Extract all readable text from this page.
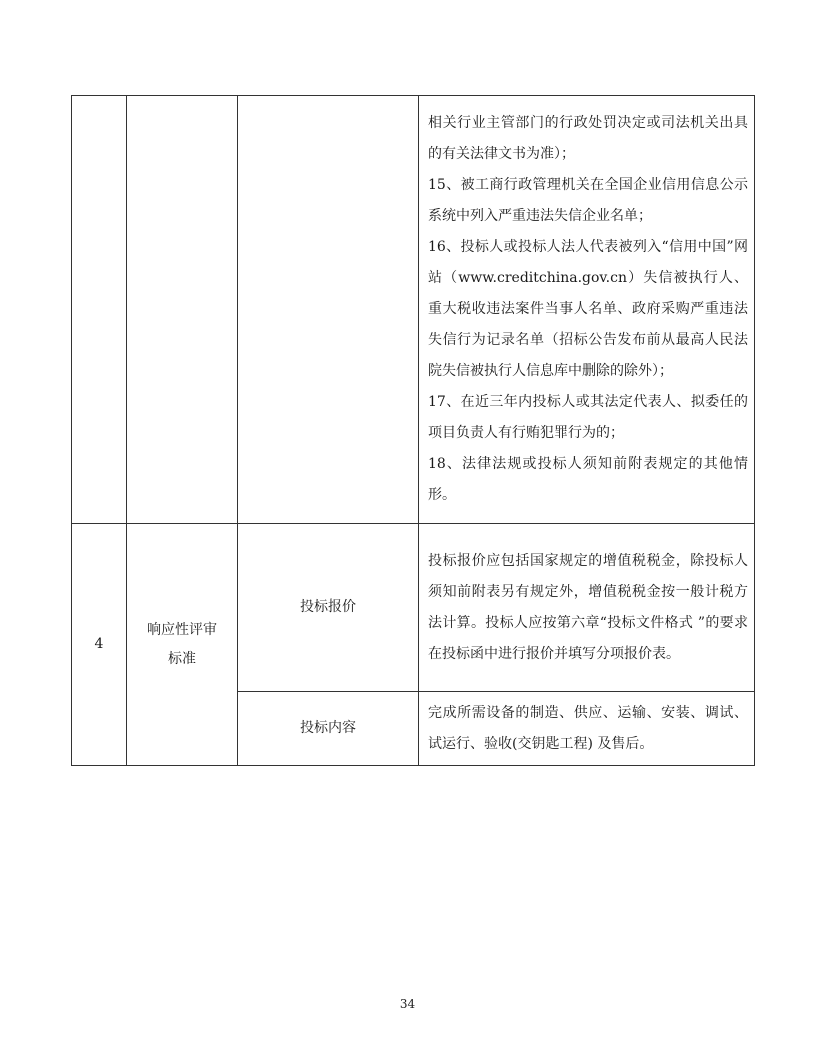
			相关行业主管部门的行政处罚决定或司法机关出具的有关法律文书为准）；

15、被工商行政管理机关在全国企业信用信息公示系统中列入严重违法失信企业名单；

16、投标人或投标人法人代表被列入“信用中国”网站（www.creditchina.gov.cn）失信被执行人、重大税收违法案件当事人名单、政府采购严重违法失信行为记录名单（招标公告发布前从最高人民法院失信被执行人信息库中删除的除外）；

17、在近三年内投标人或其法定代表人、拟委任的项目负责人有行贿犯罪行为的；

18、法律法规或投标人须知前附表规定的其他情形。

4	响应性评审标准	投标报价	投标报价应包括国家规定的增值税税金，除投标人须知前附表另有规定外，增值税税金按一般计税方法计算。投标人应按第六章“投标文件格式 ”的要求在投标函中进行报价并填写分项报价表。

		投标内容	完成所需设备的制造、供应、运输、安装、调试、试运行、验收(交钥匙工程) 及售后。
34
